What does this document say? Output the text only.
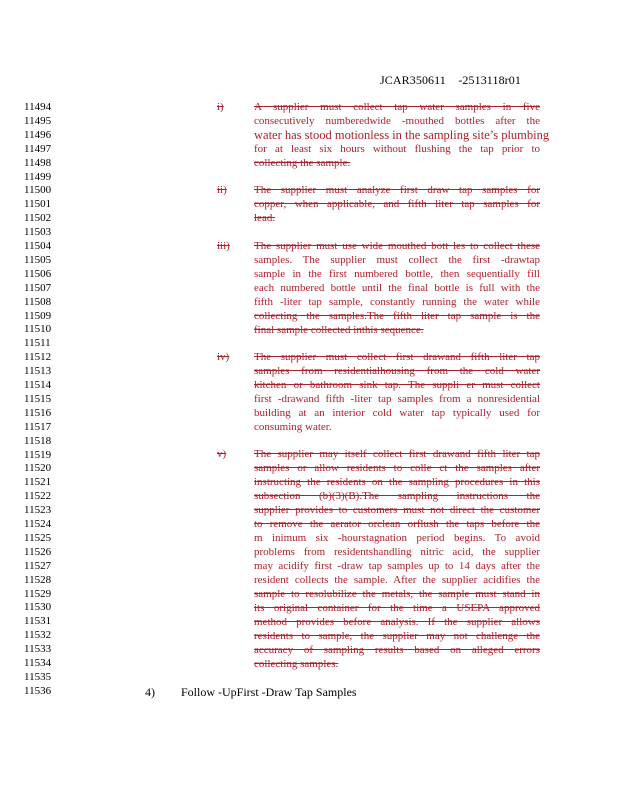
JCAR350611 -2513118r01
11494
11495
11496
11497
11498
11499
11500
11501
11502
11503
11504
11505
11506
11507
11508
11509
11510
11511
11512
11513
11514
11515
11516
11517
11518
11519
11520
11521
11522
11523
11524
11525
11526
11527
11528
11529
11530
11531
11532
11533
11534
11535
11536
i)	A supplier must collect tap water samples in five
consecutively numberedwide -mouthed bottles after the
water has stood motionless in the sampling site’s plumbing
for at least six hours without flushing the tap prior to
collecting the sample.
ii) The supplier must analyze first draw tap samples for
copper, when applicable, and fifth liter tap samples for
lead.
iii) The supplier must use wide mouthed bott les to collect these
samples. The supplier must collect the first -drawtap
sample in the first numbered bottle, then sequentially fill
each numbered bottle until the final bottle is full with the
fifth -liter tap sample, constantly running the water while
collecting the samples.The fifth liter tap sample is the
final sample collected inthis sequence.
iv) The supplier must collect first drawand fifth liter tap
samples from residentialhousing from the cold water
kitchen or bathroom sink tap. The suppli er must collect
first -drawand fifth -liter tap samples from a nonresidential
building at an interior cold water tap typically used for
consuming water.
v)	The supplier may itself collect first drawand fifth liter tap
samples or allow residents to colle ct the samples after
instructing the residents on the sampling procedures in this
subsection (b)(3)(B).The sampling instructions the
supplier provides to customers must not direct the customer
to remove the aerator orclean orflush the taps before the
m inimum six -hourstagnation period begins. To avoid
problems from residentshandling nitric acid, the supplier
may acidify first -draw tap samples up to 14 days after the
resident collects the sample. After the supplier acidifies the
sample to resolubilize the metals, the sample must stand in
its original container for the time a USEPA approved
method provides before analysis. If the supplier allows
residents to sample, the supplier may not challenge the
accuracy of sampling results based on alleged errors
collecting samples.
4) Follow -UpFirst -Draw Tap Samples
